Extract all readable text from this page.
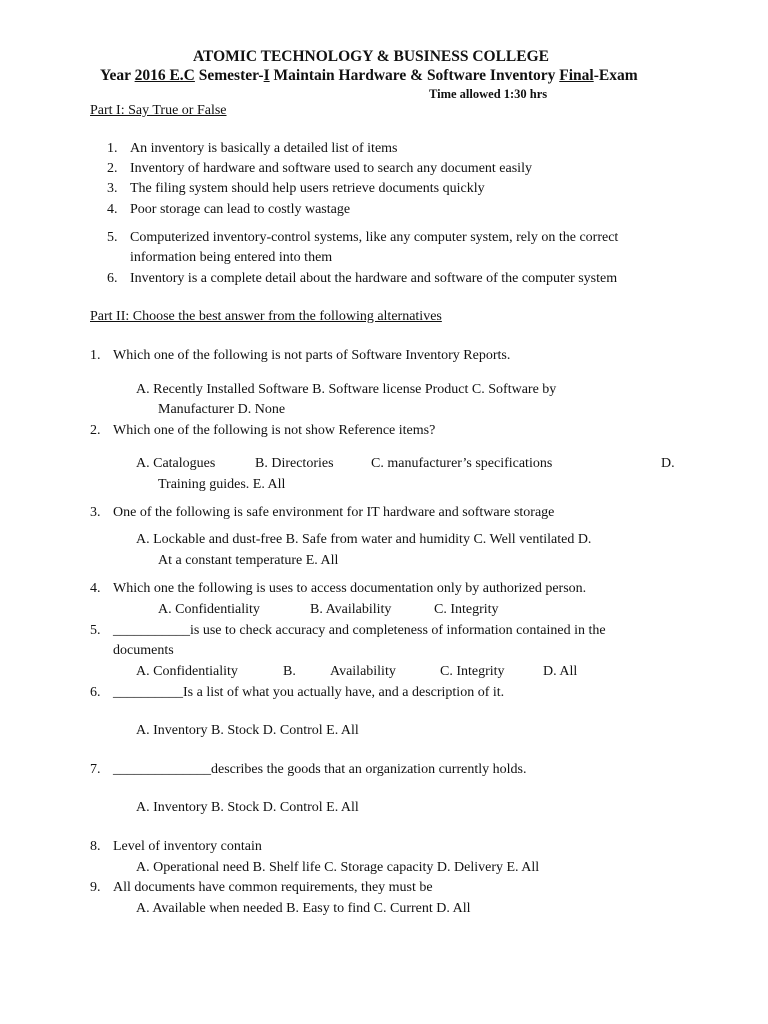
ATOMIC TECHNOLOGY & BUSINESS COLLEGE
Year 2016 E.C Semester-I Maintain Hardware & Software Inventory Final-Exam
Time allowed 1:30 hrs
Part I: Say True or False
1. An inventory is basically a detailed list of items
2. Inventory of hardware and software used to search any document easily
3. The filing system should help users retrieve documents quickly
4. Poor storage can lead to costly wastage
5. Computerized inventory-control systems, like any computer system, rely on the correct
information being entered into them
6. Inventory is a complete detail about the hardware and software of the computer system
Part II: Choose the best answer from the following alternatives
1. Which one of the following is not parts of Software Inventory Reports.
A. Recently Installed Software B. Software license Product C. Software by
Manufacturer D. None
2. Which one of the following is not show Reference items?
A. Catalogues	B. Directories	C. manufacturer’s specifications	D.
Training guides. E. All
3. One of the following is safe environment for IT hardware and software storage
A. Lockable and dust-free B. Safe from water and humidity C. Well ventilated D.
At a constant temperature E. All
4. Which one the following is uses to access documentation only by authorized person.
A. Confidentiality	B. Availability	C. Integrity
5. ___________is use to check accuracy and completeness of information contained in the
documents
A. Confidentiality	B. Availability	C. Integrity	D. All
6. __________Is a list of what you actually have, and a description of it.
A. Inventory B. Stock D. Control E. All
7. ______________describes the goods that an organization currently holds.
A. Inventory B. Stock D. Control E. All
8. Level of inventory contain
A. Operational need B. Shelf life C. Storage capacity D. Delivery E. All
9. All documents have common requirements, they must be
A. Available when needed B. Easy to find C. Current D. All
